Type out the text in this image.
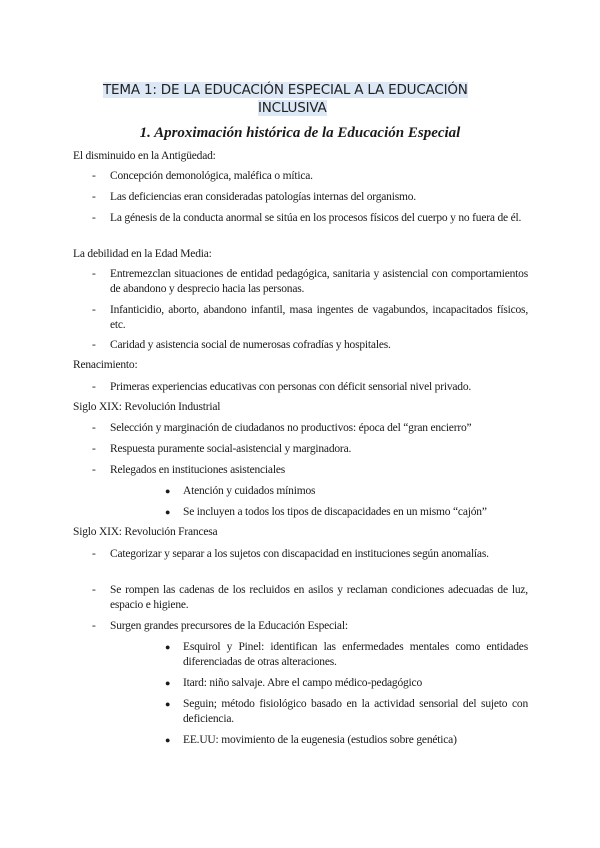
TEMA 1: DE LA EDUCACIÓN ESPECIAL A LA EDUCACIÓN
INCLUSIVA
1. Aproximación histórica de la Educación Especial
El disminuido en la Antigüedad:
- Concepción demonológica, maléfica o mítica.
- Las deficiencias eran consideradas patologías internas del organismo.
- La génesis de la conducta anormal se sitúa en los procesos físicos del cuerpo y no fuera de él.
La debilidad en la Edad Media:
- Entremezclan situaciones de entidad pedagógica, sanitaria y asistencial con comportamientos de abandono y desprecio hacia las personas.
- Infanticidio, aborto, abandono infantil, masa ingentes de vagabundos, incapacitados físicos, etc.
- Caridad y asistencia social de numerosas cofradías y hospitales.
Renacimiento:
- Primeras experiencias educativas con personas con déficit sensorial nivel privado.
Siglo XIX: Revolución Industrial
- Selección y marginación de ciudadanos no productivos: época del “gran encierro”
- Respuesta puramente social-asistencial y marginadora.
- Relegados en instituciones asistenciales
● Atención y cuidados mínimos
● Se incluyen a todos los tipos de discapacidades en un mismo “cajón”
Siglo XIX: Revolución Francesa
- Categorizar y separar a los sujetos con discapacidad en instituciones según anomalías.
- Se rompen las cadenas de los recluidos en asilos y reclaman condiciones adecuadas de luz, espacio e higiene.
- Surgen grandes precursores de la Educación Especial:
● Esquirol y Pinel: identifican las enfermedades mentales como entidades diferenciadas de otras alteraciones.
● Itard: niño salvaje. Abre el campo médico-pedagógico
● Seguin; método fisiológico basado en la actividad sensorial del sujeto con deficiencia.
● EE.UU: movimiento de la eugenesia (estudios sobre genética)
